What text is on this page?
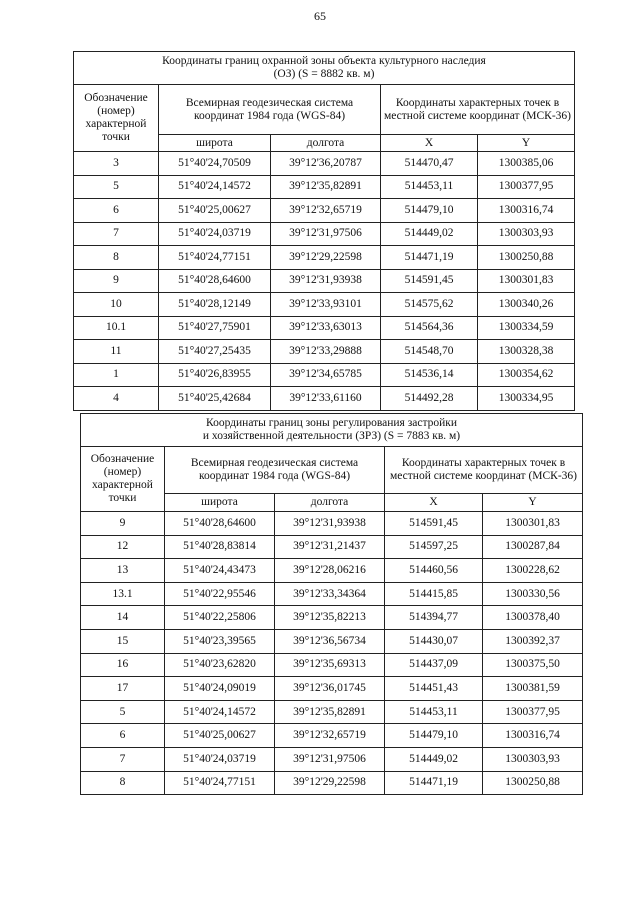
65
Координаты границ охранной зоны объекта культурного наследия
(ОЗ) (S = 8882 кв. м)				

Обозначение (номер) характерной точки	Всемирная геодезическая система координат 1984 года (WGS-84)		Координаты характерных точек в местной системе координат (МСК-36)	
	широта	долгота	X	Y
3	51°40'24,70509	39°12'36,20787	514470,47	1300385,06
5	51°40'24,14572	39°12'35,82891	514453,11	1300377,95
6	51°40'25,00627	39°12'32,65719	514479,10	1300316,74
7	51°40'24,03719	39°12'31,97506	514449,02	1300303,93
8	51°40'24,77151	39°12'29,22598	514471,19	1300250,88
9	51°40'28,64600	39°12'31,93938	514591,45	1300301,83
10	51°40'28,12149	39°12'33,93101	514575,62	1300340,26
10.1	51°40'27,75901	39°12'33,63013	514564,36	1300334,59
11	51°40'27,25435	39°12'33,29888	514548,70	1300328,38
1	51°40'26,83955	39°12'34,65785	514536,14	1300354,62
4	51°40'25,42684	39°12'33,61160	514492,28	1300334,95
Координаты границ зоны регулирования застройки
и хозяйственной деятельности (ЗРЗ) (S = 7883 кв. м)				

Обозначение (номер) характерной точки	Всемирная геодезическая система координат 1984 года (WGS-84)		Координаты характерных точек в местной системе координат (МСК-36)	
	широта	долгота	X	Y
9	51°40'28,64600	39°12'31,93938	514591,45	1300301,83
12	51°40'28,83814	39°12'31,21437	514597,25	1300287,84
13	51°40'24,43473	39°12'28,06216	514460,56	1300228,62
13.1	51°40'22,95546	39°12'33,34364	514415,85	1300330,56
14	51°40'22,25806	39°12'35,82213	514394,77	1300378,40
15	51°40'23,39565	39°12'36,56734	514430,07	1300392,37
16	51°40'23,62820	39°12'35,69313	514437,09	1300375,50
17	51°40'24,09019	39°12'36,01745	514451,43	1300381,59
5	51°40'24,14572	39°12'35,82891	514453,11	1300377,95
6	51°40'25,00627	39°12'32,65719	514479,10	1300316,74
7	51°40'24,03719	39°12'31,97506	514449,02	1300303,93
8	51°40'24,77151	39°12'29,22598	514471,19	1300250,88
